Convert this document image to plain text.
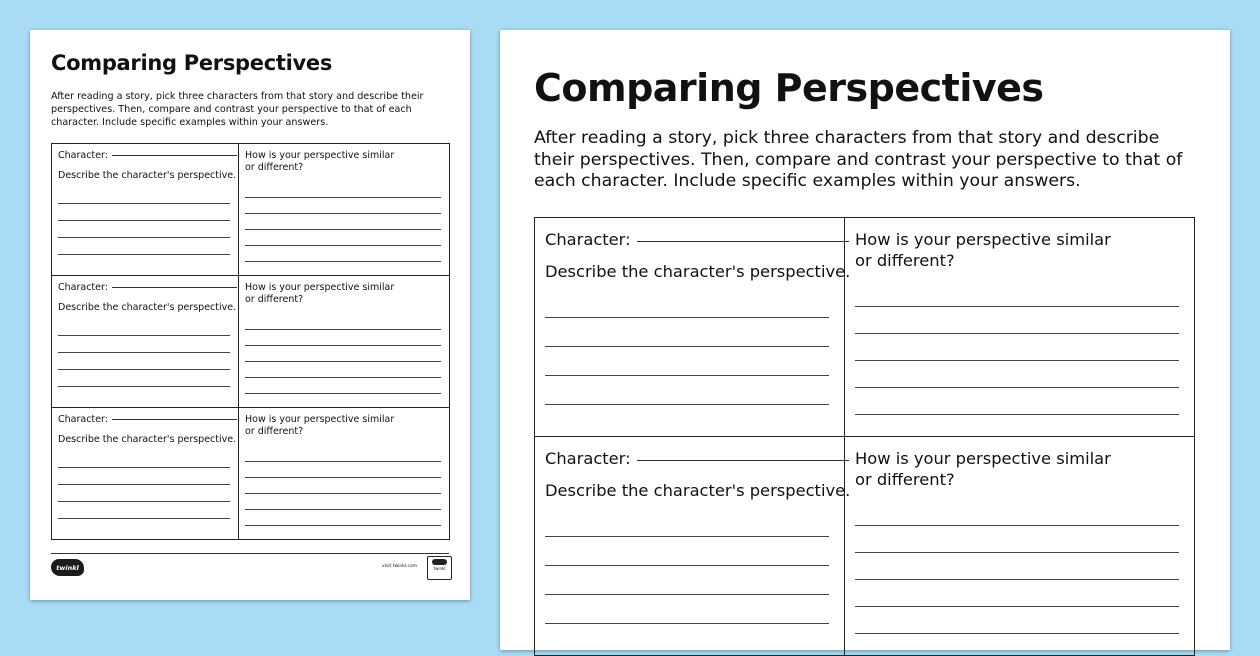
Comparing Perspectives
After reading a story, pick three characters from that story and describe their perspectives. Then, compare and contrast your perspective to that of each character. Include specific examples within your answers.
Character:
Describe the character's perspective.
How is your perspective similar
or different?
Character:
Describe the character's perspective.
How is your perspective similar
or different?
Character:
Describe the character's perspective.
How is your perspective similar
or different?
twinkl	visit twinkl.com	twinkl
Comparing Perspectives
After reading a story, pick three characters from that story and describe their perspectives. Then, compare and contrast your perspective to that of each character. Include specific examples within your answers.
Character:
Describe the character's perspective.
How is your perspective similar
or different?
Character:
Describe the character's perspective.
How is your perspective similar
or different?
